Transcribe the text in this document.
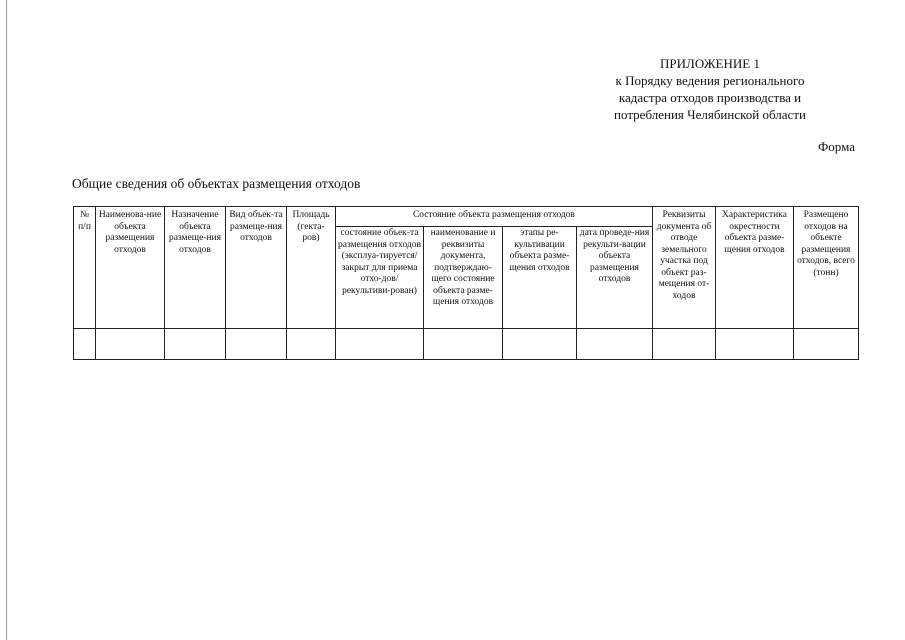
ПРИЛОЖЕНИЕ 1
к Порядку ведения регионального
кадастра отходов производства и
потребления Челябинской области
Форма
Общие сведения об объектах размещения отходов
№ п/п	Наименова-ние объекта размещения отходов	Назначение объекта размеще-ния отходов	Вид объек-та размеще-ния отходов	Площадь (гекта-ров)	Состояние объекта размещения отходов				Реквизиты документа об отводе земельного участка под объект раз-мещения от-ходов	Характеристика окрестности объекта разме-щения отходов	Размещено отходов на объекте размещения отходов, всего (тонн)
					состояние объек-та размещения отходов (эксплуа-тируется/ закрыт для приема отхо-дов/ рекультиви-рован)	наименование и реквизиты документа, подтверждаю-щего состояние объекта разме-щения отходов	этапы ре-культивации объекта разме-щения отходов	дата проведе-ния рекульти-вации объекта размещения отходов			
